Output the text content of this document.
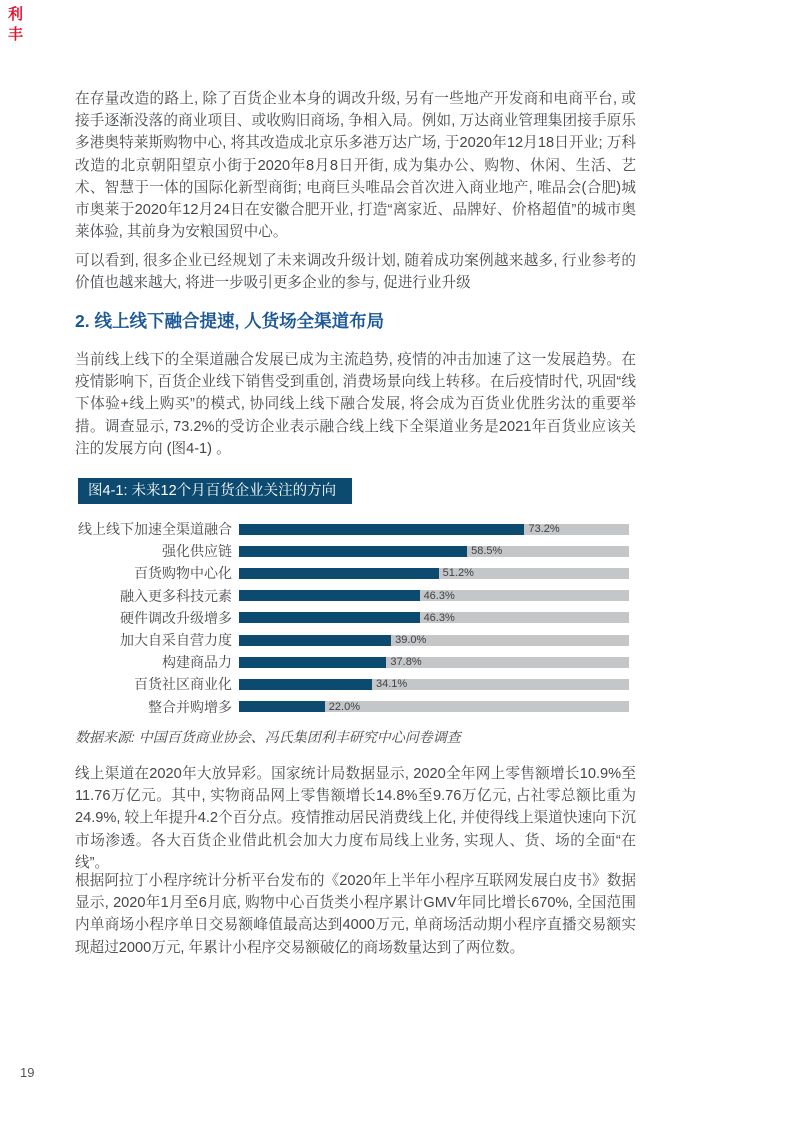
利
丰

在存量改造的路上, 除了百货企业本身的调改升级, 另有一些地产开发商和电商平台, 或接手逐渐没落的商业项目、或收购旧商场, 争相入局。例如, 万达商业管理集团接手原乐多港奥特莱斯购物中心, 将其改造成北京乐多港万达广场, 于2020年12月18日开业; 万科改造的北京朝阳望京小街于2020年8月8日开街, 成为集办公、购物、休闲、生活、艺术、智慧于一体的国际化新型商街; 电商巨头唯品会首次进入商业地产, 唯品会(合肥)城市奥莱于2020年12月24日在安徽合肥开业, 打造“离家近、品牌好、价格超值”的城市奥莱体验, 其前身为安粮国贸中心。

可以看到, 很多企业已经规划了未来调改升级计划, 随着成功案例越来越多, 行业参考的价值也越来越大, 将进一步吸引更多企业的参与, 促进行业升级

2. 线上线下融合提速, 人货场全渠道布局

当前线上线下的全渠道融合发展已成为主流趋势, 疫情的冲击加速了这一发展趋势。在疫情影响下, 百货企业线下销售受到重创, 消费场景向线上转移。在后疫情时代, 巩固“线下体验+线上购买”的模式, 协同线上线下融合发展, 将会成为百货业优胜劣汰的重要举措。调查显示, 73.2%的受访企业表示融合线上线下全渠道业务是2021年百货业应该关注的发展方向 (图4-1) 。

图4-1: 未来12个月百货企业关注的方向
线上线下加速全渠道融合	73.2%
强化供应链	58.5%
百货购物中心化	51.2%
融入更多科技元素	46.3%
硬件调改升级增多	46.3%
加大自采自营力度	39.0%
构建商品力	37.8%
百货社区商业化	34.1%
整合并购增多	22.0%

数据来源: 中国百货商业协会、冯氏集团利丰研究中心问卷调查

线上渠道在2020年大放异彩。国家统计局数据显示, 2020全年网上零售额增长10.9%至11.76万亿元。其中, 实物商品网上零售额增长14.8%至9.76万亿元, 占社零总额比重为24.9%, 较上年提升4.2个百分点。疫情推动居民消费线上化, 并使得线上渠道快速向下沉市场渗透。各大百货企业借此机会加大力度布局线上业务, 实现人、货、场的全面“在线”。

根据阿拉丁小程序统计分析平台发布的《2020年上半年小程序互联网发展白皮书》数据显示, 2020年1月至6月底, 购物中心百货类小程序累计GMV年同比增长670%, 全国范围内单商场小程序单日交易额峰值最高达到4000万元, 单商场活动期小程序直播交易额实现超过2000万元, 年累计小程序交易额破亿的商场数量达到了两位数。

19
